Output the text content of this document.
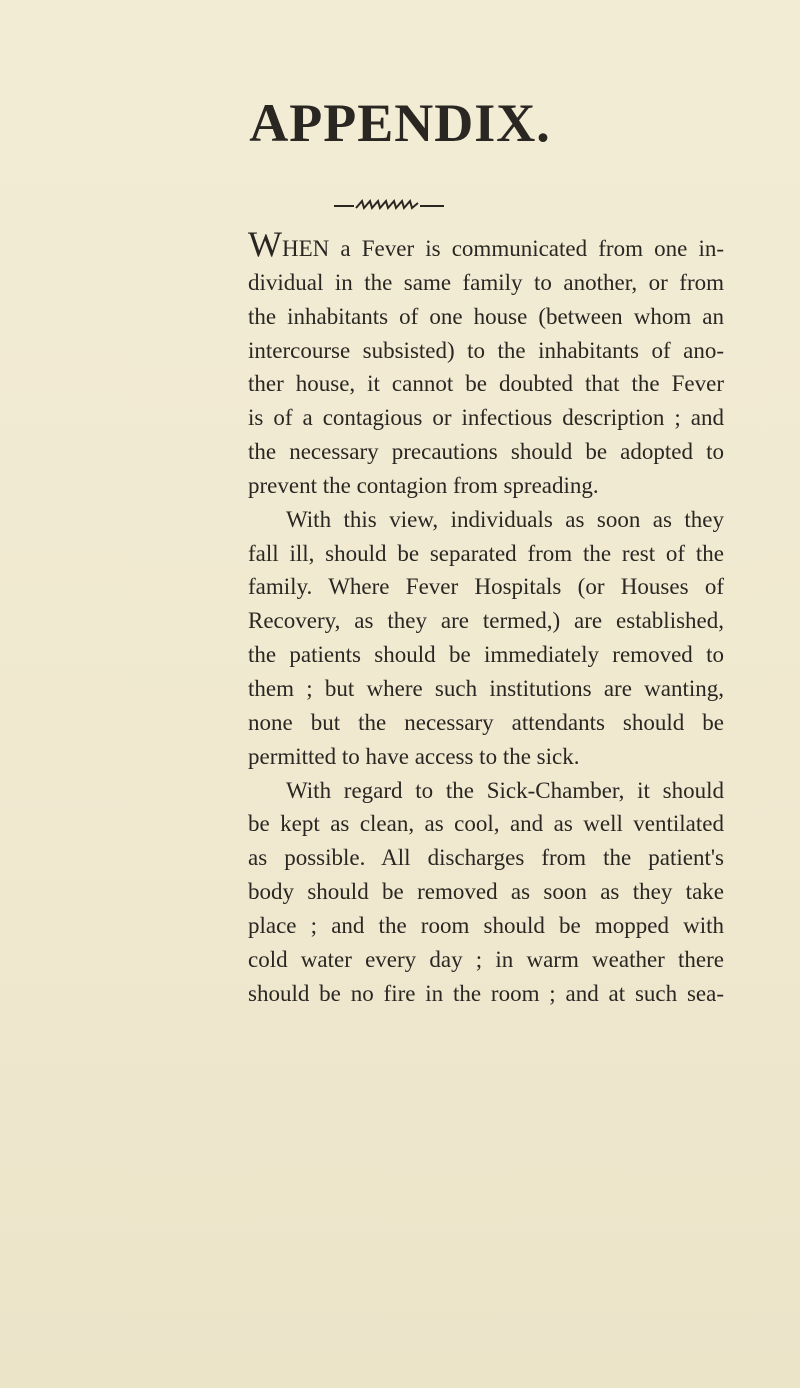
APPENDIX.
WHEN a Fever is communicated from one in-
dividual in the same family to another, or from
the inhabitants of one house (between whom an
intercourse subsisted) to the inhabitants of ano-
ther house, it cannot be doubted that the Fever
is of a contagious or infectious description ; and
the necessary precautions should be adopted to
prevent the contagion from spreading.
With this view, individuals as soon as they
fall ill, should be separated from the rest of the
family. Where Fever Hospitals (or Houses of
Recovery, as they are termed,) are established,
the patients should be immediately removed to
them ; but where such institutions are wanting,
none but the necessary attendants should be
permitted to have access to the sick.
With regard to the Sick-Chamber, it should
be kept as clean, as cool, and as well ventilated
as possible. All discharges from the patient's
body should be removed as soon as they take
place ; and the room should be mopped with
cold water every day ; in warm weather there
should be no fire in the room ; and at such sea-
